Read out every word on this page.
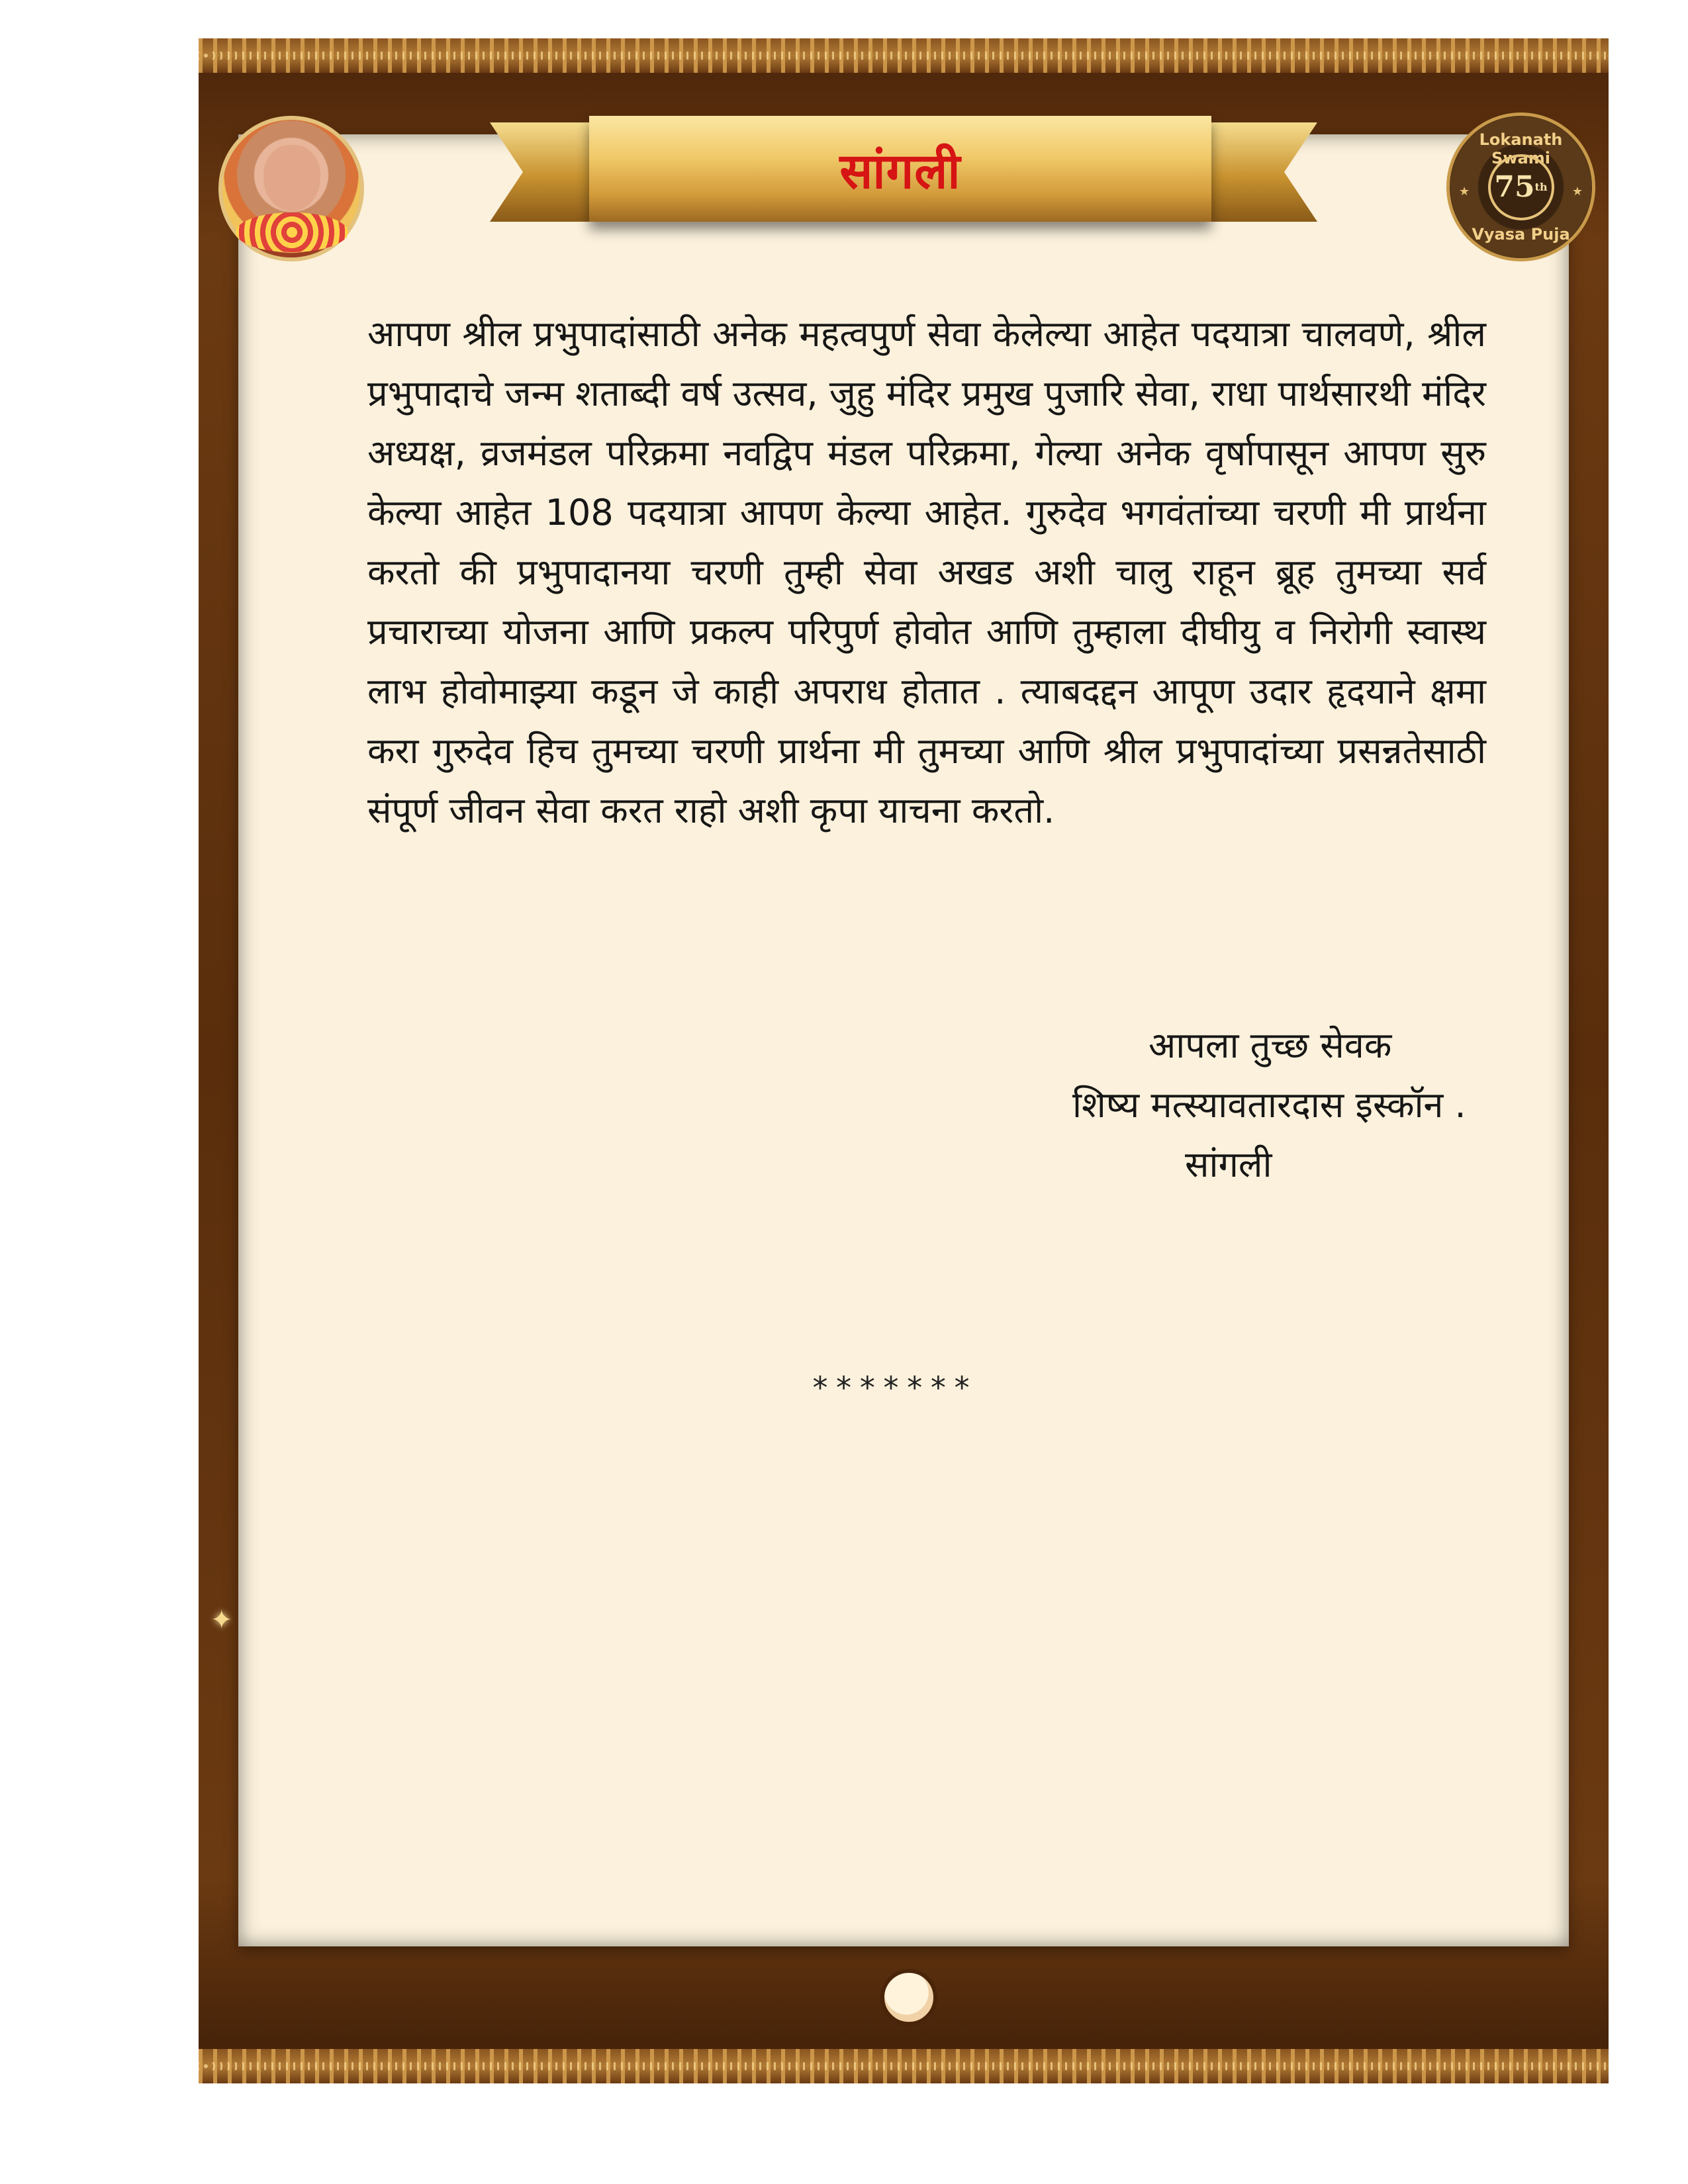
सांगली
Lokanath Swami
★ 75 th ★
Vyasa Puja

आपण श्रील प्रभुपादांसाठी अनेक महत्वपुर्ण सेवा केलेल्या आहेत पदयात्रा चालवणे, श्रील प्रभुपादाचे जन्म शताब्दी वर्ष उत्सव, जुहु मंदिर प्रमुख पुजारि सेवा, राधा पार्थसारथी मंदिर अध्यक्ष, व्रजमंडल परिक्रमा नवद्विप मंडल परिक्रमा, गेल्या अनेक वृर्षापासून आपण सुरु केल्या आहेत 108 पदयात्रा आपण केल्या आहेत. गुरुदेव भगवंतांच्या चरणी मी प्रार्थना करतो की प्रभुपादानया चरणी तुम्ही सेवा अखड अशी चालु राहून ब्रूह तुमच्या सर्व प्रचाराच्या योजना आणि प्रकल्प परिपुर्ण होवोत आणि तुम्हाला दीघीयु व निरोगी स्वास्थ लाभ होवोमाझ्या कडून जे काही अपराध होतात . त्याबदद्दन आपूण उदार हृदयाने क्षमा करा गुरुदेव हिच तुमच्या चरणी प्रार्थना मी तुमच्या आणि श्रील प्रभुपादांच्या प्रसन्नतेसाठी संपूर्ण जीवन सेवा करत राहो अशी कृपा याचना करतो.

आपला तुच्छ सेवक
शिष्य मत्स्यावतारदास इस्कॉन .
सांगली
*******
✦
